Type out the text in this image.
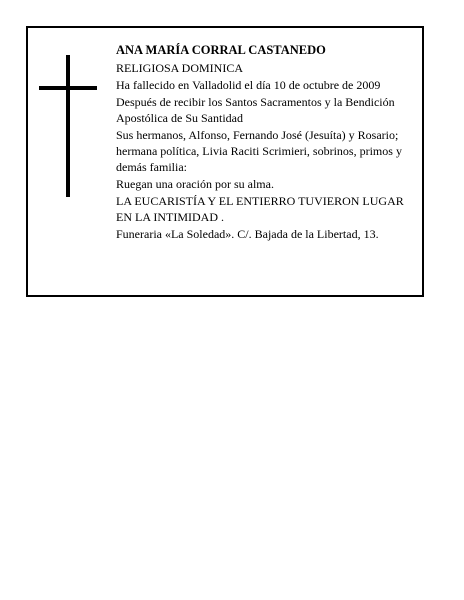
ANA MARÍA CORRAL CASTANEDO

RELIGIOSA DOMINICA

Ha fallecido en Valladolid el día 10 de octubre de 2009

Después de recibir los Santos Sacramentos y la Bendición Apostólica de Su Santidad

Sus hermanos, Alfonso, Fernando José (Jesuíta) y Rosario; hermana política, Livia Raciti Scrimieri, sobrinos, primos y demás familia:

Ruegan una oración por su alma.

LA EUCARISTÍA Y EL ENTIERRO TUVIERON LUGAR EN LA INTIMIDAD .

Funeraria «La Soledad». C/. Bajada de la Libertad, 13.
